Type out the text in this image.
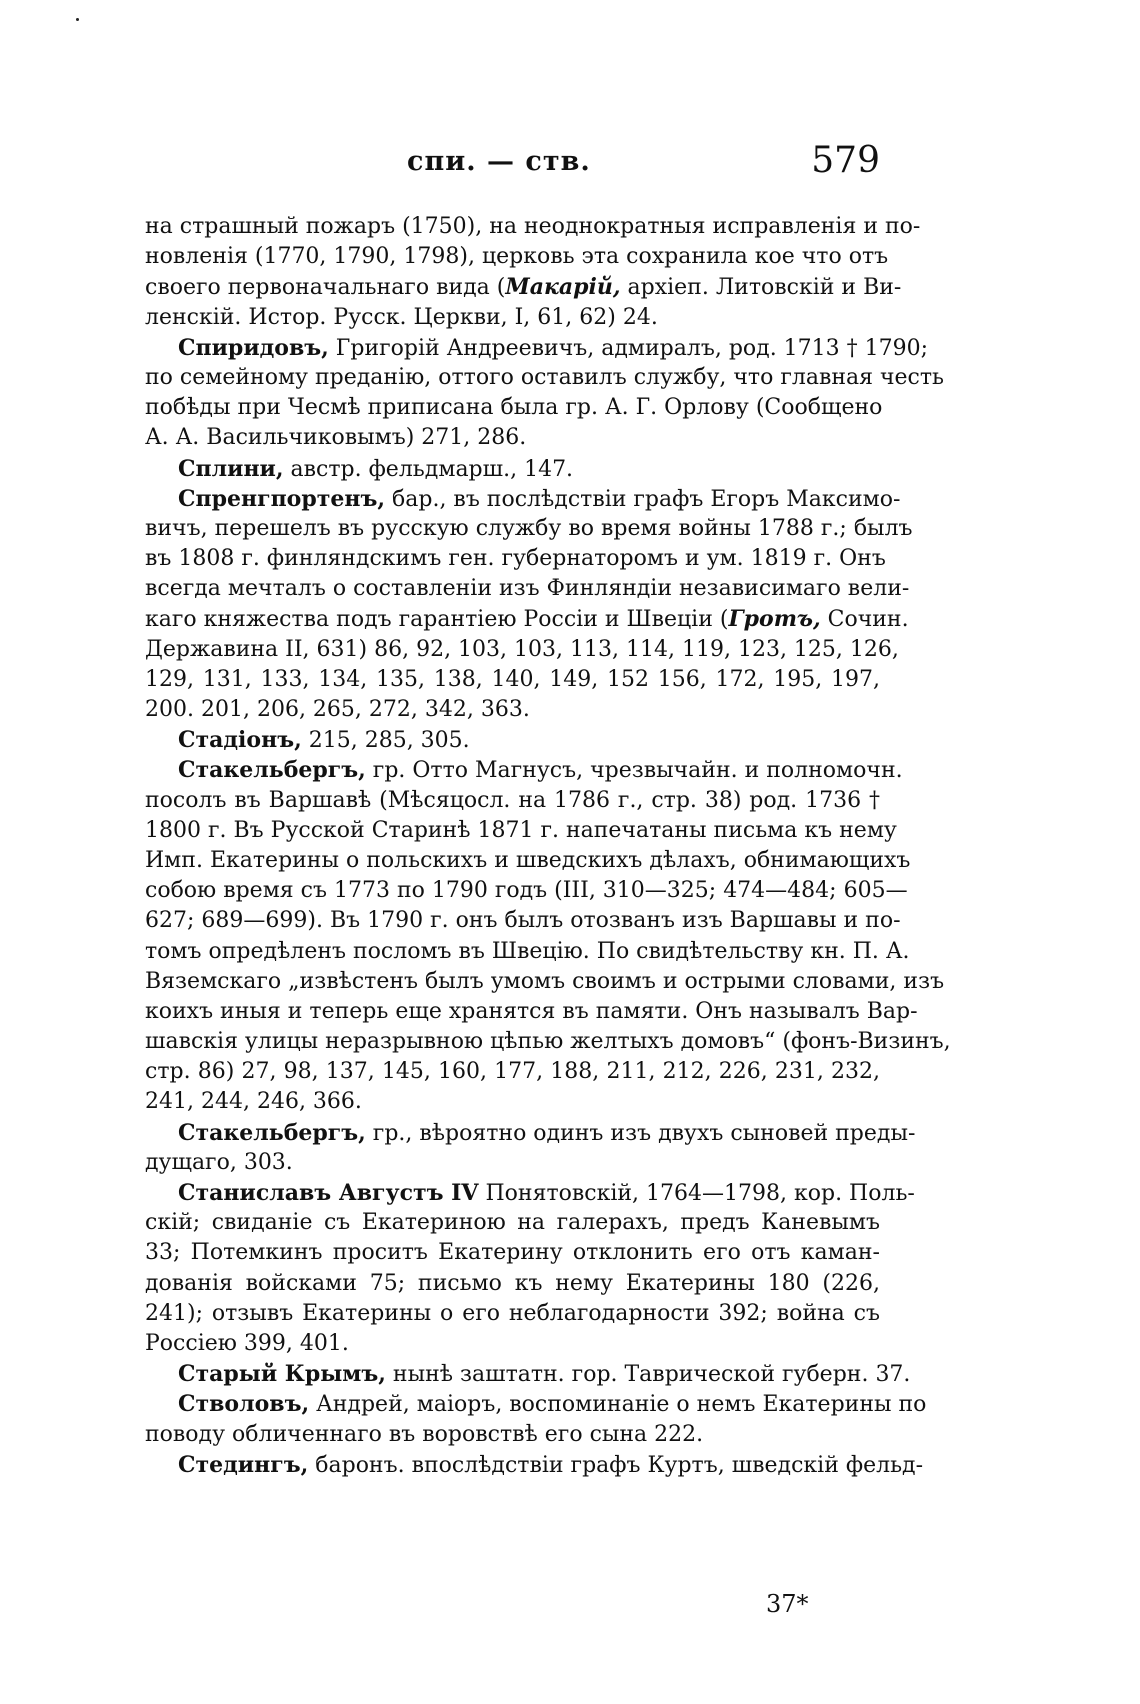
спи. — ств.	579
на страшный пожаръ (1750), на неоднократныя исправленія и по-
новленія (1770, 1790, 1798), церковь эта сохранила кое что отъ
своего первоначальнаго вида (Макарій, архіеп. Литовскій и Ви-
ленскій. Истор. Русск. Церкви, I, 61, 62) 24.
Спиридовъ, Григорій Андреевичъ, адмиралъ, род. 1713 † 1790;
по семейному преданію, оттого оставилъ службу, что главная честь
побѣды при Чесмѣ приписана была гр. А. Г. Орлову (Сообщено
А. А. Васильчиковымъ) 271, 286.
Сплини, австр. фельдмарш., 147.
Спренгпортенъ, бар., въ послѣдствіи графъ Егоръ Максимо-
вичъ, перешелъ въ русскую службу во время войны 1788 г.; былъ
въ 1808 г. финляндскимъ ген. губернаторомъ и ум. 1819 г. Онъ
всегда мечталъ о составленіи изъ Финляндіи независимаго вели-
каго княжества подъ гарантіею Россіи и Швеціи (Гротъ, Сочин.
Державина II, 631) 86, 92, 103, 103, 113, 114, 119, 123, 125, 126,
129, 131, 133, 134, 135, 138, 140, 149, 152 156, 172, 195, 197,
200. 201, 206, 265, 272, 342, 363.
Стадіонъ, 215, 285, 305.
Стакельбергъ, гр. Отто Магнусъ, чрезвычайн. и полномочн.
посолъ въ Варшавѣ (Мѣсяцосл. на 1786 г., стр. 38) род. 1736 †
1800 г. Въ Русской Старинѣ 1871 г. напечатаны письма къ нему
Имп. Екатерины о польскихъ и шведскихъ дѣлахъ, обнимающихъ
собою время съ 1773 по 1790 годъ (III, 310—325; 474—484; 605—
627; 689—699). Въ 1790 г. онъ былъ отозванъ изъ Варшавы и по-
томъ опредѣленъ посломъ въ Швецію. По свидѣтельству кн. П. А.
Вяземскаго „извѣстенъ былъ умомъ своимъ и острыми словами, изъ
коихъ иныя и теперь еще хранятся въ памяти. Онъ называлъ Вар-
шавскія улицы неразрывною цѣпью желтыхъ домовъ“ (фонъ-Визинъ,
стр. 86) 27, 98, 137, 145, 160, 177, 188, 211, 212, 226, 231, 232,
241, 244, 246, 366.
Стакельбергъ, гр., вѣроятно одинъ изъ двухъ сыновей преды-
дущаго, 303.
Станиславъ Августъ IV Понятовскій, 1764—1798, кор. Поль-
скій; свиданіе съ Екатериною на галерахъ, предъ Каневымъ
33; Потемкинъ проситъ Екатерину отклонить его отъ каман-
дованія войсками 75; письмо къ нему Екатерины 180 (226,
241); отзывъ Екатерины о его неблагодарности 392; война съ
Россіею 399, 401.
Старый Крымъ, нынѣ заштатн. гор. Таврической губерн. 37.
Стволовъ, Андрей, маіоръ, воспоминаніе о немъ Екатерины по
поводу обличеннаго въ воровствѣ его сына 222.
Стедингъ, баронъ. впослѣдствіи графъ Куртъ, шведскій фельд-
37*
